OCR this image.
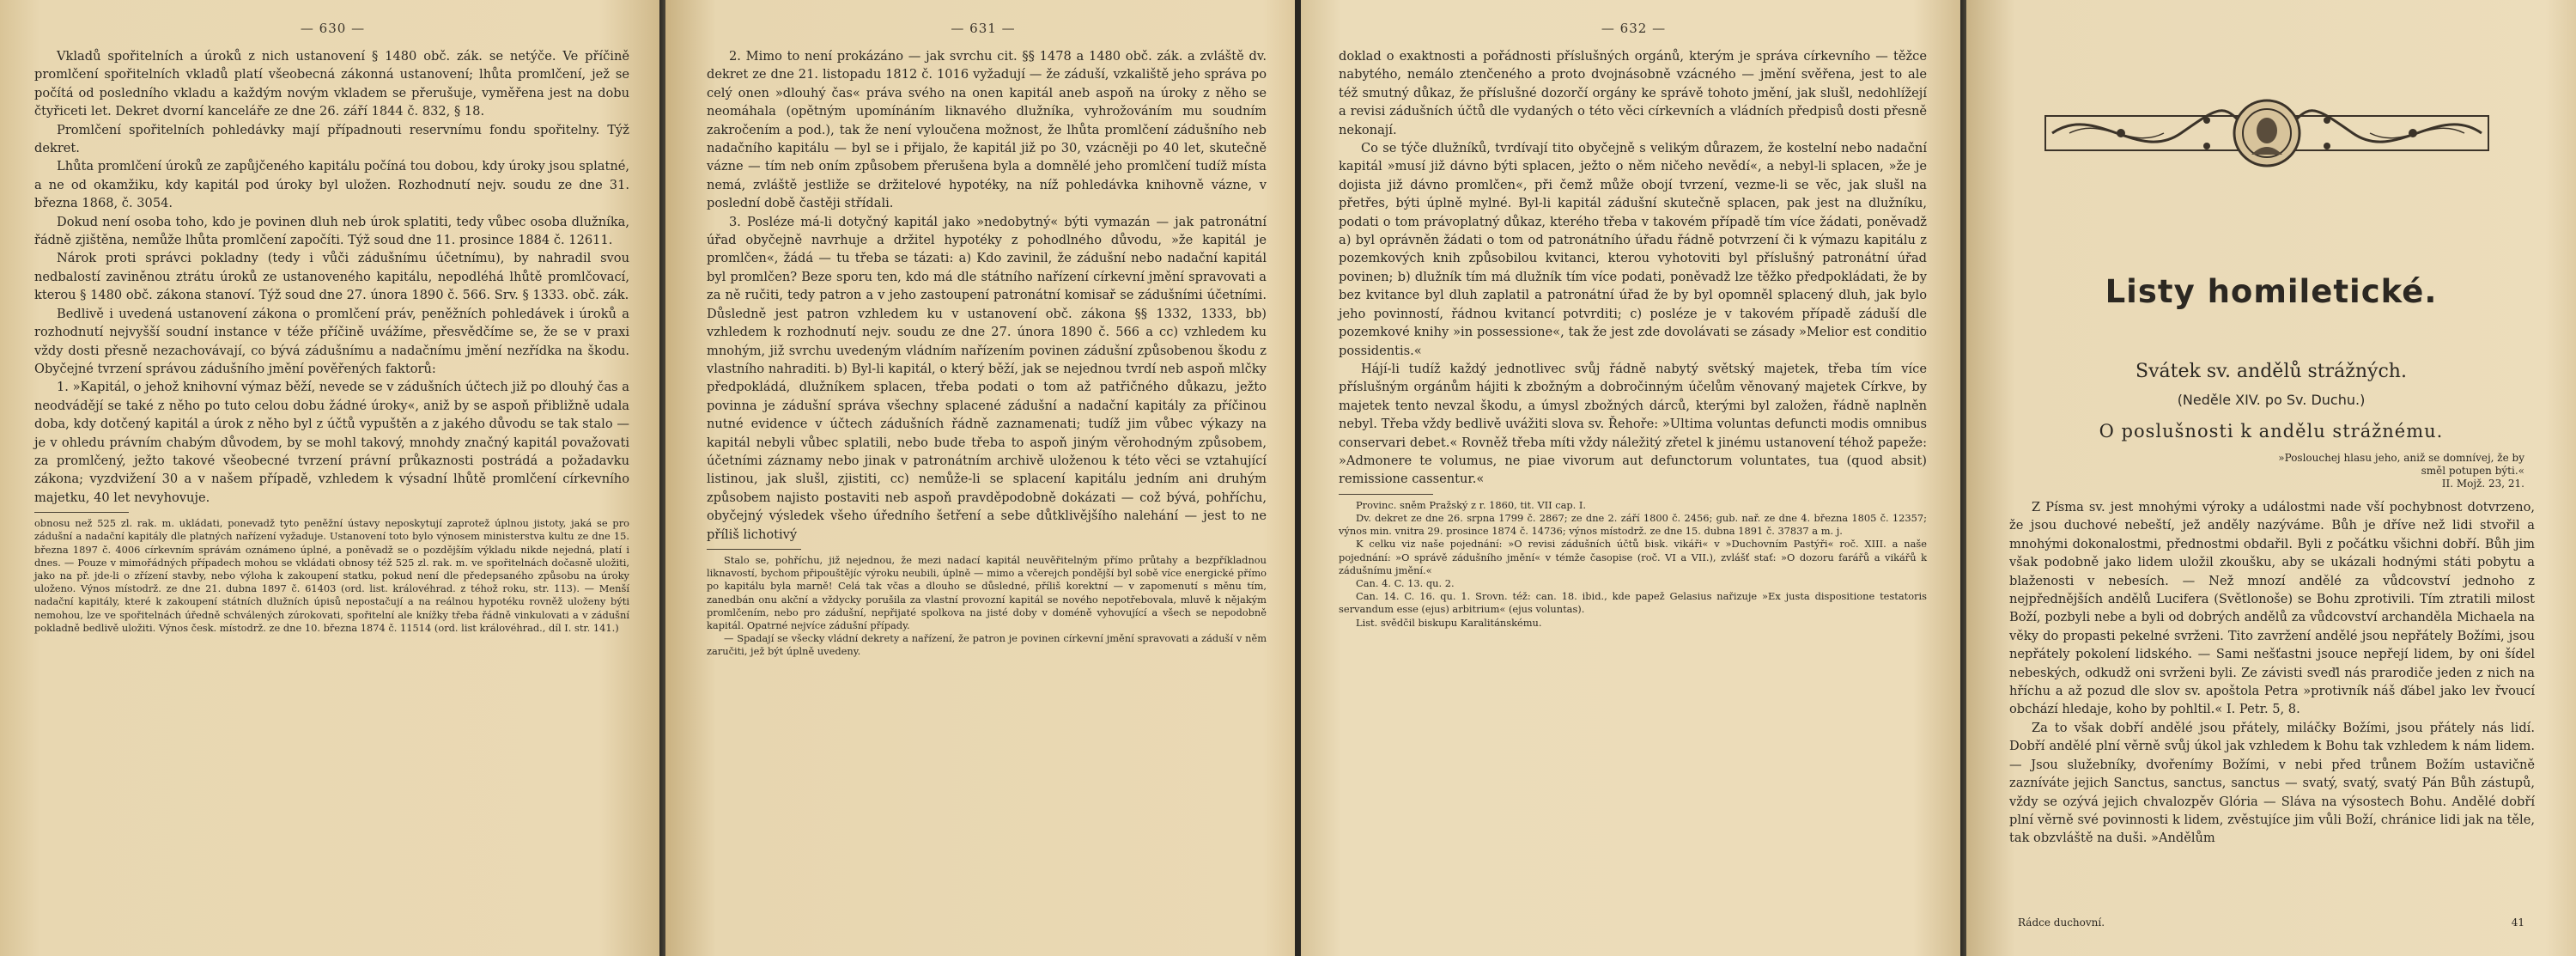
— 630 —

Vkladů spořitelních a úroků z nich ustanovení § 1480 obč. zák. se netýče. Ve příčině promlčení spořitelních vkladů platí všeobecná zákonná ustanovení; lhůta promlčení, jež se počítá od posledního vkladu a každým novým vkladem se přerušuje, vyměřena jest na dobu čtyřiceti let. Dekret dvorní kanceláře ze dne 26. září 1844 č. 832, § 18.

Promlčení spořitelních pohledávky mají případnouti reservnímu fondu spořitelny. Týž dekret.

Lhůta promlčení úroků ze zapůjčeného kapitálu počíná tou dobou, kdy úroky jsou splatné, a ne od okamžiku, kdy kapitál pod úroky byl uložen. Rozhodnutí nejv. soudu ze dne 31. března 1868, č. 3054.

Dokud není osoba toho, kdo je povinen dluh neb úrok splatiti, tedy vůbec osoba dlužníka, řádně zjištěna, nemůže lhůta promlčení započíti. Týž soud dne 11. prosince 1884 č. 12611.

Nárok proti správci pokladny (tedy i vůči zádušnímu účetnímu), by nahradil svou nedbalostí zaviněnou ztrátu úroků ze ustanoveného kapitálu, nepodléhá lhůtě promlčovací, kterou § 1480 obč. zákona stanoví. Týž soud dne 27. února 1890 č. 566. Srv. § 1333. obč. zák.

Bedlivě i uvedená ustanovení zákona o promlčení práv, peněžních pohledávek i úroků a rozhodnutí nejvyšší soudní instance v téže příčině uvážíme, přesvědčíme se, že se v praxi vždy dosti přesně nezachovávají, co bývá zádušnímu a nadačnímu jmění nezřídka na škodu. Obyčejné tvrzení správou zádušního jmění pověřených faktorů:

1. »Kapitál, o jehož knihovní výmaz běží, nevede se v zádušních účtech již po dlouhý čas a neodvádějí se také z něho po tuto celou dobu žádné úroky«, aniž by se aspoň přibližně udala doba, kdy dotčený kapitál a úrok z něho byl z účtů vypuštěn a z jakého důvodu se tak stalo — je v ohledu právním chabým důvodem, by se mohl takový, mnohdy značný kapitál považovati za promlčený, ježto takové všeobecné tvrzení právní průkaznosti postrádá a požadavku zákona; vyzdvižení 30 a v našem případě, vzhledem k výsadní lhůtě promlčení církevního majetku, 40 let nevyhovuje.

obnosu než 525 zl. rak. m. ukládati, ponevadž tyto peněžní ústavy neposkytují zaprotež úplnou jistoty, jaká se pro zádušní a nadační kapitály dle platných nařízení vyžaduje. Ustanovení toto bylo výnosem ministerstva kultu ze dne 15. března 1897 č. 4006 církevním správám oznámeno úplné, a poněvadž se o pozdějším výkladu nikde nejedná, platí i dnes. — Pouze v mimořádných případech mohou se vkládati obnosy též 525 zl. rak. m. ve spořitelnách dočasně uložiti, jako na př. jde-li o zřízení stavby, nebo výloha k zakoupení statku, pokud není dle předepsaného způsobu na úroky uloženo. Výnos místodrž. ze dne 21. dubna 1897 č. 61403 (ord. list. královéhrad. z téhož roku, str. 113). — Menší nadační kapitály, které k zakoupení státních dlužních úpisů nepostačují a na reálnou hypotéku rovněž uloženy býti nemohou, lze ve spořitelnách úředně schválených zúrokovati, spořitelní ale knížky třeba řádně vinkulovati a v zádušní pokladně bedlivě uložiti. Výnos česk. místodrž. ze dne 10. března 1874 č. 11514 (ord. list královéhrad., díl I. str. 141.)

— 631 —

2. Mimo to není prokázáno — jak svrchu cit. §§ 1478 a 1480 obč. zák. a zvláště dv. dekret ze dne 21. listopadu 1812 č. 1016 vyžadují — že záduší, vzkaliště jeho správa po celý onen »dlouhý čas« práva svého na onen kapitál aneb aspoň na úroky z něho se neomáhala (opětným upomínáním liknavého dlužníka, vyhrožováním mu soudním zakročením a pod.), tak že není vyloučena možnost, že lhůta promlčení zádušního neb nadačního kapitálu — byl se i přijalo, že kapitál již po 30, vzácněji po 40 let, skutečně vázne — tím neb oním způsobem přerušena byla a domnělé jeho promlčení tudíž místa nemá, zvláště jestliže se držitelové hypotéky, na níž pohledávka knihovně vázne, v poslední době častěji střídali.

3. Posléze má-li dotyčný kapitál jako »nedobytný« býti vymazán — jak patronátní úřad obyčejně navrhuje a držitel hypotéky z pohodlného důvodu, »že kapitál je promlčen«, žádá — tu třeba se tázati: a) Kdo zavinil, že zádušní nebo nadační kapitál byl promlčen? Beze sporu ten, kdo má dle státního nařízení církevní jmění spravovati a za ně ručiti, tedy patron a v jeho zastoupení patronátní komisař se zádušními účetními. Důsledně jest patron vzhledem ku v ustanovení obč. zákona §§ 1332, 1333, bb) vzhledem k rozhodnutí nejv. soudu ze dne 27. února 1890 č. 566 a cc) vzhledem ku mnohým, již svrchu uvedeným vládním nařízením povinen zádušní způsobenou škodu z vlastního nahraditi. b) Byl-li kapitál, o který běží, jak se nejednou tvrdí neb aspoň mlčky předpokládá, dlužníkem splacen, třeba podati o tom až patřičného důkazu, ježto povinna je zádušní správa všechny splacené zádušní a nadační kapitály za příčinou nutné evidence v účtech zádušních řádně zaznamenati; tudíž jim vůbec výkazy na kapitál nebyli vůbec splatili, nebo bude třeba to aspoň jiným věrohodným způsobem, účetními záznamy nebo jinak v patronátním archivě uloženou k této věci se vztahující listinou, jak slušl, zjistiti, cc) nemůže-li se splacení kapitálu jedním ani druhým způsobem najisto postaviti neb aspoň pravděpodobně dokázati — což bývá, pohříchu, obyčejný výsledek všeho úředního šetření a sebe důtklivějšího nalehání — jest to ne příliš lichotivý

Stalo se, pohříchu, již nejednou, že mezi nadací kapitál neuvěřitelným přímo průtahy a bezpříkladnou liknavostí, bychom připouštějíc výroku neubili, úplně — mimo a včerejch pondější byl sobě více energické přímo po kapitálu byla marně! Celá tak včas a dlouho se důsledné, příliš korektní — v zapomenutí s měnu tím, zanedbán onu akční a vždycky porušila za vlastní provozní kapitál se nového nepotřebovala, mluvě k nějakým promlčením, nebo pro zádušní, nepřijaté spolkova na jisté doby v doméně vyhovující a všech se nepodobně kapitál. Opatrné nejvíce zádušní případy.

— Spadají se všecky vládní dekrety a nařízení, že patron je povinen církevní jmění spravovati a záduší v něm zaručiti, jež být úplně uvedeny.

— 632 —

doklad o exaktnosti a pořádnosti příslušných orgánů, kterým je správa církevního — těžce nabytého, nemálo ztenčeného a proto dvojnásobně vzácného — jmění svěřena, jest to ale též smutný důkaz, že příslušné dozorčí orgány ke správě tohoto jmění, jak slušl, nedohlížejí a revisi zádušních účtů dle vydaných o této věci církevních a vládních předpisů dosti přesně nekonají.

Co se týče dlužníků, tvrdívají tito obyčejně s velikým důrazem, že kostelní nebo nadační kapitál »musí již dávno býti splacen, ježto o něm ničeho nevědí«, a nebyl-li splacen, »že je dojista již dávno promlčen«, při čemž může obojí tvrzení, vezme-li se věc, jak slušl na přetřes, býti úplně mylné. Byl-li kapitál zádušní skutečně splacen, pak jest na dlužníku, podati o tom právoplatný důkaz, kterého třeba v takovém případě tím více žádati, poněvadž a) byl oprávněn žádati o tom od patronátního úřadu řádně potvrzení či k výmazu kapitálu z pozemkových knih způsobilou kvitanci, kterou vyhotoviti byl příslušný patronátní úřad povinen; b) dlužník tím má dlužník tím více podati, poněvadž lze těžko předpokládati, že by bez kvitance byl dluh zaplatil a patronátní úřad že by byl opomněl splacený dluh, jak bylo jeho povinností, řádnou kvitancí potvrditi; c) posléze je v takovém případě záduší dle pozemkové knihy »in possessione«, tak že jest zde dovolávati se zásady »Melior est conditio possidentis.«

Hájí-li tudíž každý jednotlivec svůj řádně nabytý světský majetek, třeba tím více příslušným orgánům hájiti k zbožným a dobročinným účelům věnovaný majetek Církve, by majetek tento nevzal škodu, a úmysl zbožných dárců, kterými byl založen, řádně naplněn nebyl. Třeba vždy bedlivě uvážiti slova sv. Řehoře: »Ultima voluntas defuncti modis omnibus conservari debet.« Rovněž třeba míti vždy náležitý zřetel k jinému ustanovení téhož papeže: »Admonere te volumus, ne piae vivorum aut defunctorum voluntates, tua (quod absit) remissione cassentur.«

Provinc. sněm Pražský z r. 1860, tit. VII cap. I.

Dv. dekret ze dne 26. srpna 1799 č. 2867; ze dne 2. září 1800 č. 2456; gub. nař. ze dne 4. března 1805 č. 12357; výnos min. vnitra 29. prosince 1874 č. 14736; výnos místodrž. ze dne 15. dubna 1891 č. 37837 a m. j.

K celku viz naše pojednání: »O revisi zádušních účtů bisk. vikáři« v »Duchovním Pastýři« roč. XIII. a naše pojednání: »O správě zádušního jmění« v témže časopise (roč. VI a VII.), zvlášť stať: »O dozoru farářů a vikářů k zádušnímu jmění.«

Can. 4. C. 13. qu. 2.

Can. 14. C. 16. qu. 1. Srovn. též: can. 18. ibid., kde papež Gelasius nařizuje »Ex justa dispositione testatoris servandum esse (ejus) arbitrium« (ejus voluntas).

List. svědčil biskupu Karalitánskému.

Listy homiletické.
Svátek sv. andělů strážných.
(Neděle XIV. po Sv. Duchu.)
O poslušnosti k andělu strážnému.
»Poslouchej hlasu jeho, aniž se domnívej, že by směl potupen býti.«
II. Mojž. 23, 21.

Z Písma sv. jest mnohými výroky a událostmi nade vší pochybnost dotvrzeno, že jsou duchové nebeští, jež anděly nazýváme. Bůh je dříve než lidi stvořil a mnohými dokonalostmi, přednostmi obdařil. Byli z počátku všichni dobří. Bůh jim však podobně jako lidem uložil zkoušku, aby se ukázali hodnými státi pobytu a blaženosti v nebesích. — Než mnozí andělé za vůdcovství jednoho z nejpřednějších andělů Lucifera (Světlonoše) se Bohu zprotivili. Tím ztratili milost Boží, pozbyli nebe a byli od dobrých andělů za vůdcovství archanděla Michaela na věky do propasti pekelné svrženi. Tito zavržení andělé jsou nepřátely Božími, jsou nepřátely pokolení lidského. — Sami nešťastni jsouce nepřejí lidem, by oni šídel nebeských, odkudž oni svrženi byli. Ze závisti sveďl nás prarodiče jeden z nich na hříchu a až pozud dle slov sv. apoštola Petra »protivník náš ďábel jako lev řvoucí obchází hledaje, koho by pohltil.« I. Petr. 5, 8.

Za to však dobří andělé jsou přátely, miláčky Božími, jsou přátely nás lidí. Dobří andělé plní věrně svůj úkol jak vzhledem k Bohu tak vzhledem k nám lidem. — Jsou služebníky, dvořenímy Božími, v nebi před trůnem Božím ustavičně zazníváte jejich Sanctus, sanctus, sanctus — svatý, svatý, svatý Pán Bůh zástupů, vždy se ozývá jejich chvalozpěv Glória — Sláva na výsostech Bohu. Andělé dobří plní věrně své povinnosti k lidem, zvěstujíce jim vůli Boží, chránice lidi jak na těle, tak obzvláště na duši. »Andělům

Rádce duchovní.	41
